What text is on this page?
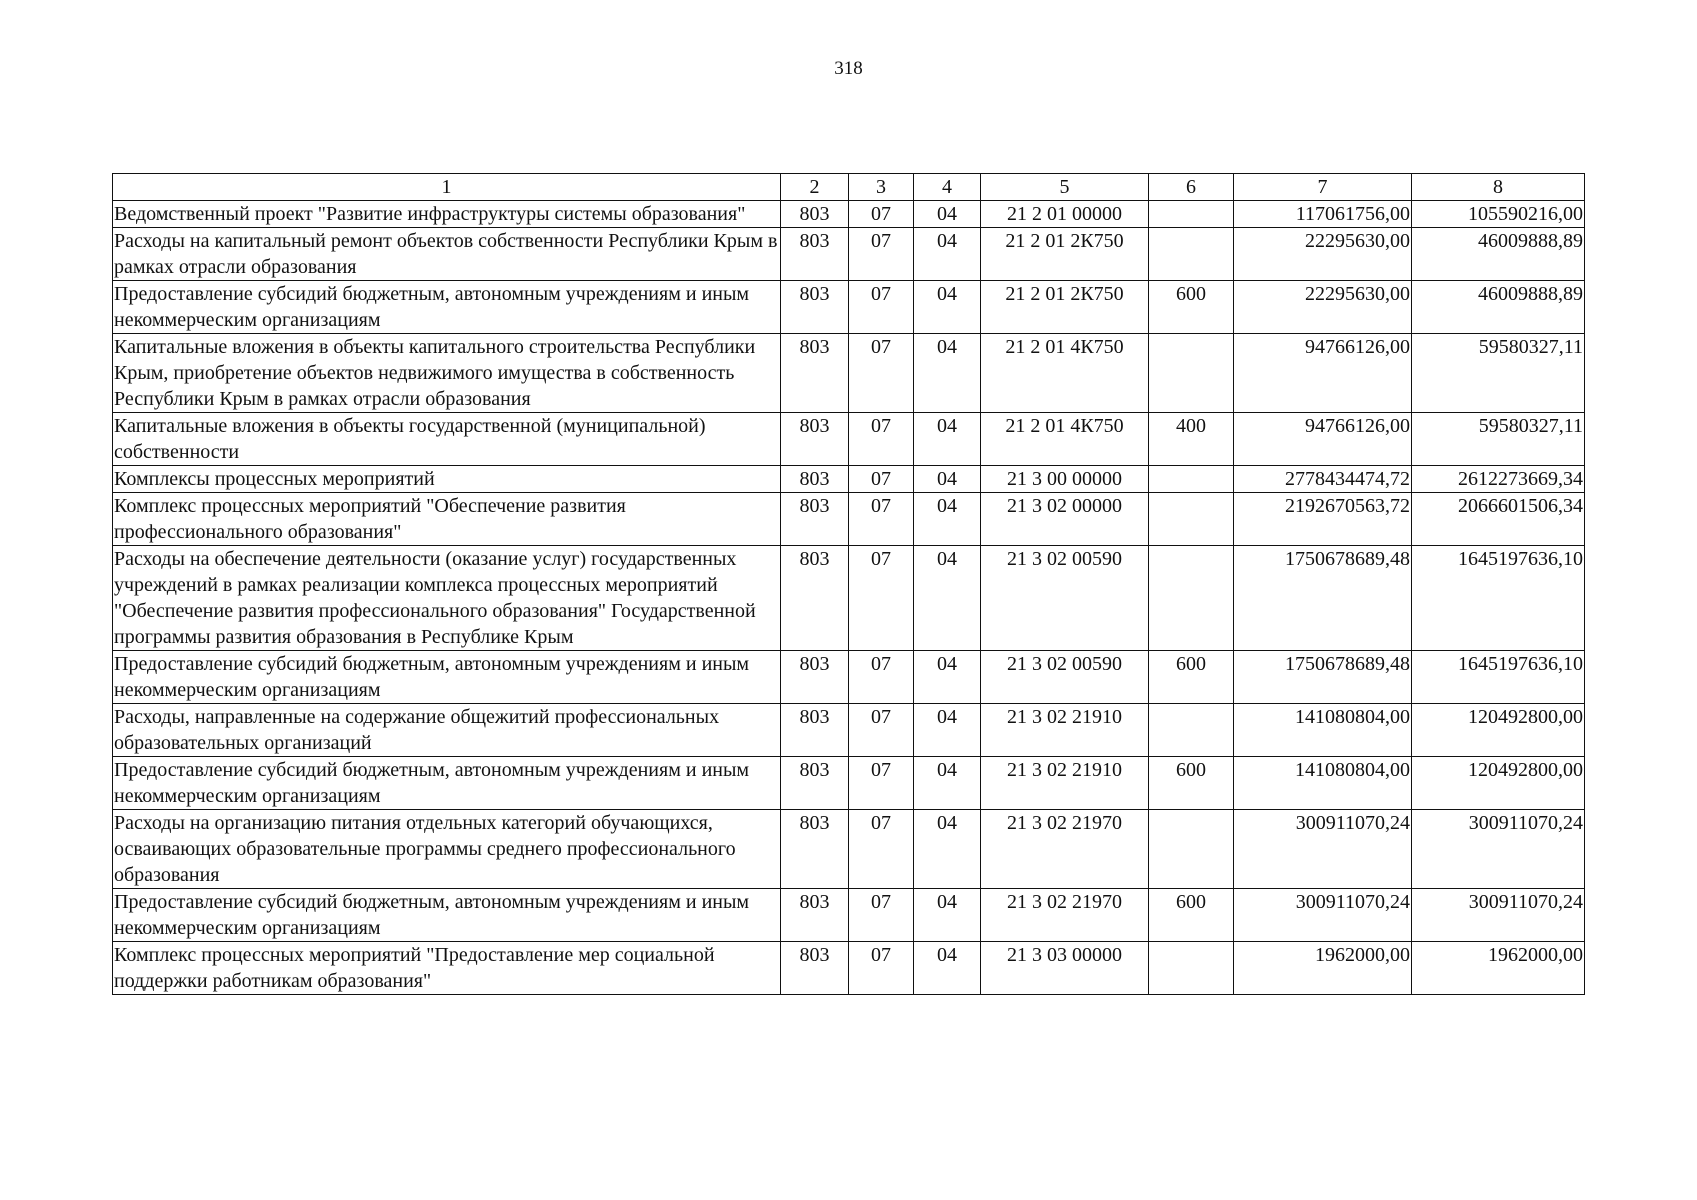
318
1	2	3	4	5	6	7	8
Ведомственный проект "Развитие инфраструктуры системы образования"	803	07	04	21 2 01 00000		117061756,00	105590216,00
Расходы на капитальный ремонт объектов собственности Республики Крым в рамках отрасли образования	803	07	04	21 2 01 2К750		22295630,00	46009888,89
Предоставление субсидий бюджетным, автономным учреждениям и иным некоммерческим организациям	803	07	04	21 2 01 2К750	600	22295630,00	46009888,89
Капитальные вложения в объекты капитального строительства Республики Крым, приобретение объектов недвижимого имущества в собственность Республики Крым в рамках отрасли образования	803	07	04	21 2 01 4К750		94766126,00	59580327,11
Капитальные вложения в объекты государственной (муниципальной) собственности	803	07	04	21 2 01 4К750	400	94766126,00	59580327,11
Комплексы процессных мероприятий	803	07	04	21 3 00 00000		2778434474,72	2612273669,34
Комплекс процессных мероприятий "Обеспечение развития профессионального образования"	803	07	04	21 3 02 00000		2192670563,72	2066601506,34
Расходы на обеспечение деятельности (оказание услуг) государственных учреждений в рамках реализации комплекса процессных мероприятий "Обеспечение развития профессионального образования" Государственной программы развития образования в Республике Крым	803	07	04	21 3 02 00590		1750678689,48	1645197636,10
Предоставление субсидий бюджетным, автономным учреждениям и иным некоммерческим организациям	803	07	04	21 3 02 00590	600	1750678689,48	1645197636,10
Расходы, направленные на содержание общежитий профессиональных образовательных организаций	803	07	04	21 3 02 21910		141080804,00	120492800,00
Предоставление субсидий бюджетным, автономным учреждениям и иным некоммерческим организациям	803	07	04	21 3 02 21910	600	141080804,00	120492800,00
Расходы на организацию питания отдельных категорий обучающихся, осваивающих образовательные программы среднего профессионального образования	803	07	04	21 3 02 21970		300911070,24	300911070,24
Предоставление субсидий бюджетным, автономным учреждениям и иным некоммерческим организациям	803	07	04	21 3 02 21970	600	300911070,24	300911070,24
Комплекс процессных мероприятий "Предоставление мер социальной поддержки работникам образования"	803	07	04	21 3 03 00000		1962000,00	1962000,00
